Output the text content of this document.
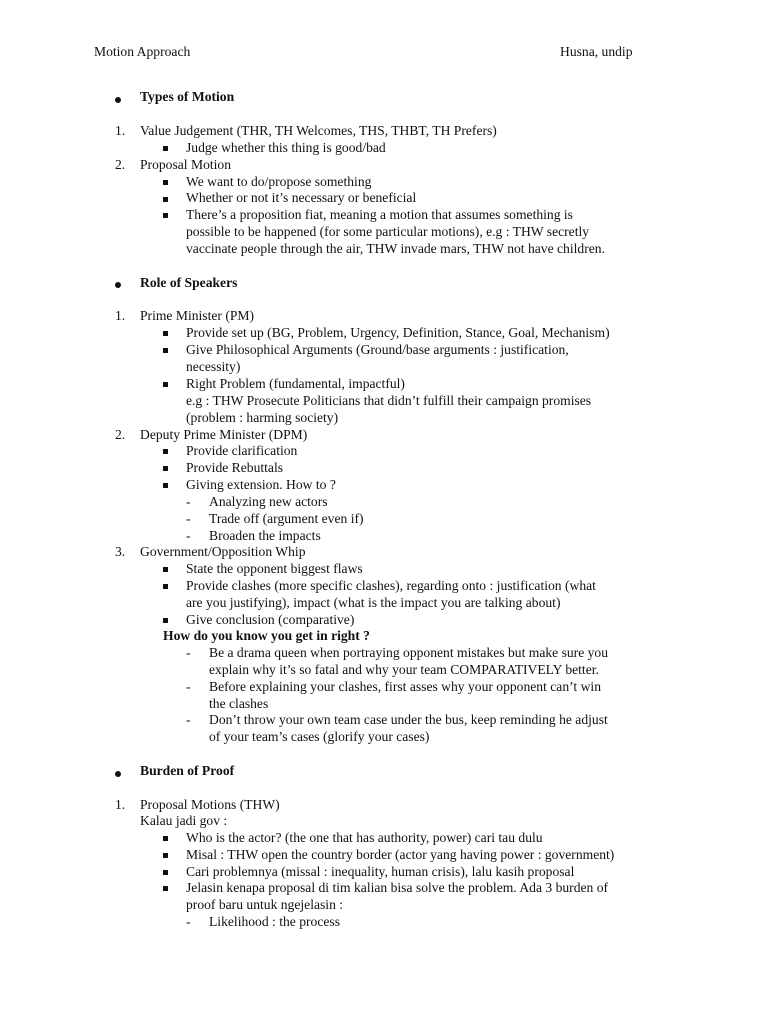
Motion Approach	Husna, undip
Types of Motion
1. Value Judgement (THR, TH Welcomes, THS, THBT, TH Prefers)
Judge whether this thing is good/bad
2. Proposal Motion
We want to do/propose something
Whether or not it’s necessary or beneficial
There’s a proposition fiat, meaning a motion that assumes something is
possible to be happened (for some particular motions), e.g : THW secretly
vaccinate people through the air, THW invade mars, THW not have children.
Role of Speakers
1. Prime Minister (PM)
Provide set up (BG, Problem, Urgency, Definition, Stance, Goal, Mechanism)
Give Philosophical Arguments (Ground/base arguments : justification,
necessity)
Right Problem (fundamental, impactful)
e.g : THW Prosecute Politicians that didn’t fulfill their campaign promises
(problem : harming society)
2. Deputy Prime Minister (DPM)
Provide clarification
Provide Rebuttals
Giving extension. How to ?
- Analyzing new actors
- Trade off (argument even if)
- Broaden the impacts
3. Government/Opposition Whip
State the opponent biggest flaws
Provide clashes (more specific clashes), regarding onto : justification (what
are you justifying), impact (what is the impact you are talking about)
Give conclusion (comparative)
How do you know you get in right ?
- Be a drama queen when portraying opponent mistakes but make sure you
explain why it’s so fatal and why your team COMPARATIVELY better.
- Before explaining your clashes, first asses why your opponent can’t win
the clashes
- Don’t throw your own team case under the bus, keep reminding he adjust
of your team’s cases (glorify your cases)
Burden of Proof
1. Proposal Motions (THW)
Kalau jadi gov :
Who is the actor? (the one that has authority, power) cari tau dulu
Misal : THW open the country border (actor yang having power : government)
Cari problemnya (missal : inequality, human crisis), lalu kasih proposal
Jelasin kenapa proposal di tim kalian bisa solve the problem. Ada 3 burden of
proof baru untuk ngejelasin :
- Likelihood : the process
